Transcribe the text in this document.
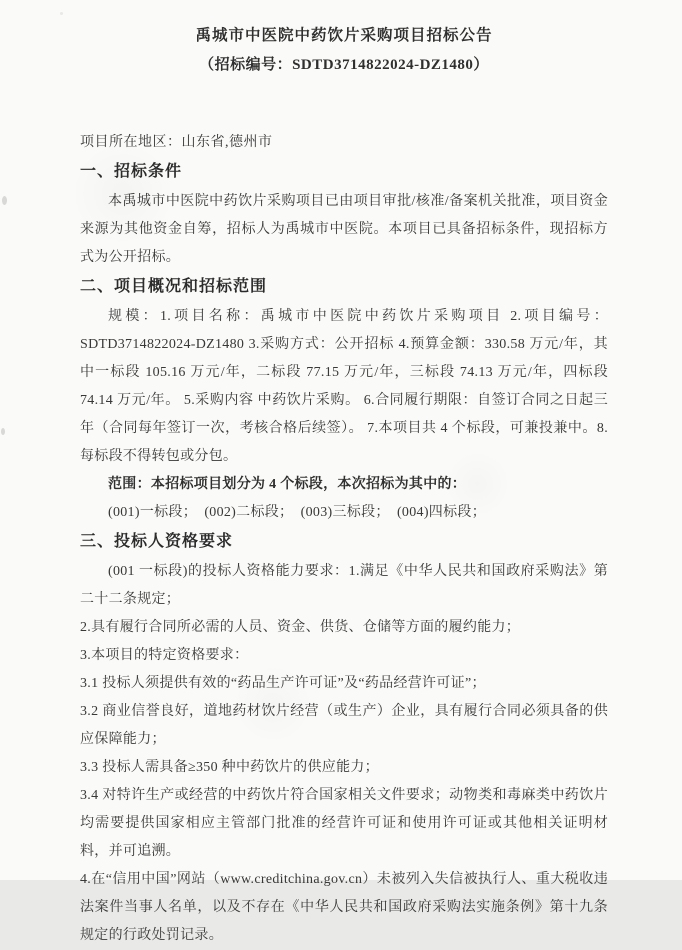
禹城市中医院中药饮片采购项目招标公告
（招标编号：SDTD3714822024-DZ1480）
项目所在地区：山东省,德州市
一、招标条件

本禹城市中医院中药饮片采购项目已由项目审批/核准/备案机关批准，项目资金来源为其他资金自筹，招标人为禹城市中医院。本项目已具备招标条件，现招标方式为公开招标。

二、项目概况和招标范围

规模：1.项目名称：禹城市中医院中药饮片采购项目 2.项目编号：SDTD3714822024-DZ1480 3.采购方式：公开招标 4.预算金额：330.58 万元/年，其中一标段 105.16 万元/年，二标段 77.15 万元/年，三标段 74.13 万元/年，四标段 74.14 万元/年。 5.采购内容 中药饮片采购。 6.合同履行期限：自签订合同之日起三年（合同每年签订一次，考核合格后续签）。 7.本项目共 4 个标段，可兼投兼中。8.每标段不得转包或分包。

范围：本招标项目划分为 4 个标段，本次招标为其中的：

(001)一标段；　(002)二标段；　(003)三标段；　(004)四标段；

三、投标人资格要求

(001 一标段)的投标人资格能力要求：1.满足《中华人民共和国政府采购法》第二十二条规定；

2.具有履行合同所必需的人员、资金、供货、仓储等方面的履约能力；

3.本项目的特定资格要求：

3.1 投标人须提供有效的“药品生产许可证”及“药品经营许可证”；

3.2 商业信誉良好，道地药材饮片经营（或生产）企业，具有履行合同必须具备的供应保障能力；

3.3 投标人需具备≥350 种中药饮片的供应能力；

3.4 对特许生产或经营的中药饮片符合国家相关文件要求；动物类和毒麻类中药饮片均需要提供国家相应主管部门批准的经营许可证和使用许可证或其他相关证明材料，并可追溯。

4.在“信用中国”网站（www.creditchina.gov.cn）未被列入失信被执行人、重大税收违法案件当事人名单，以及不存在《中华人民共和国政府采购法实施条例》第十九条规定的行政处罚记录。
